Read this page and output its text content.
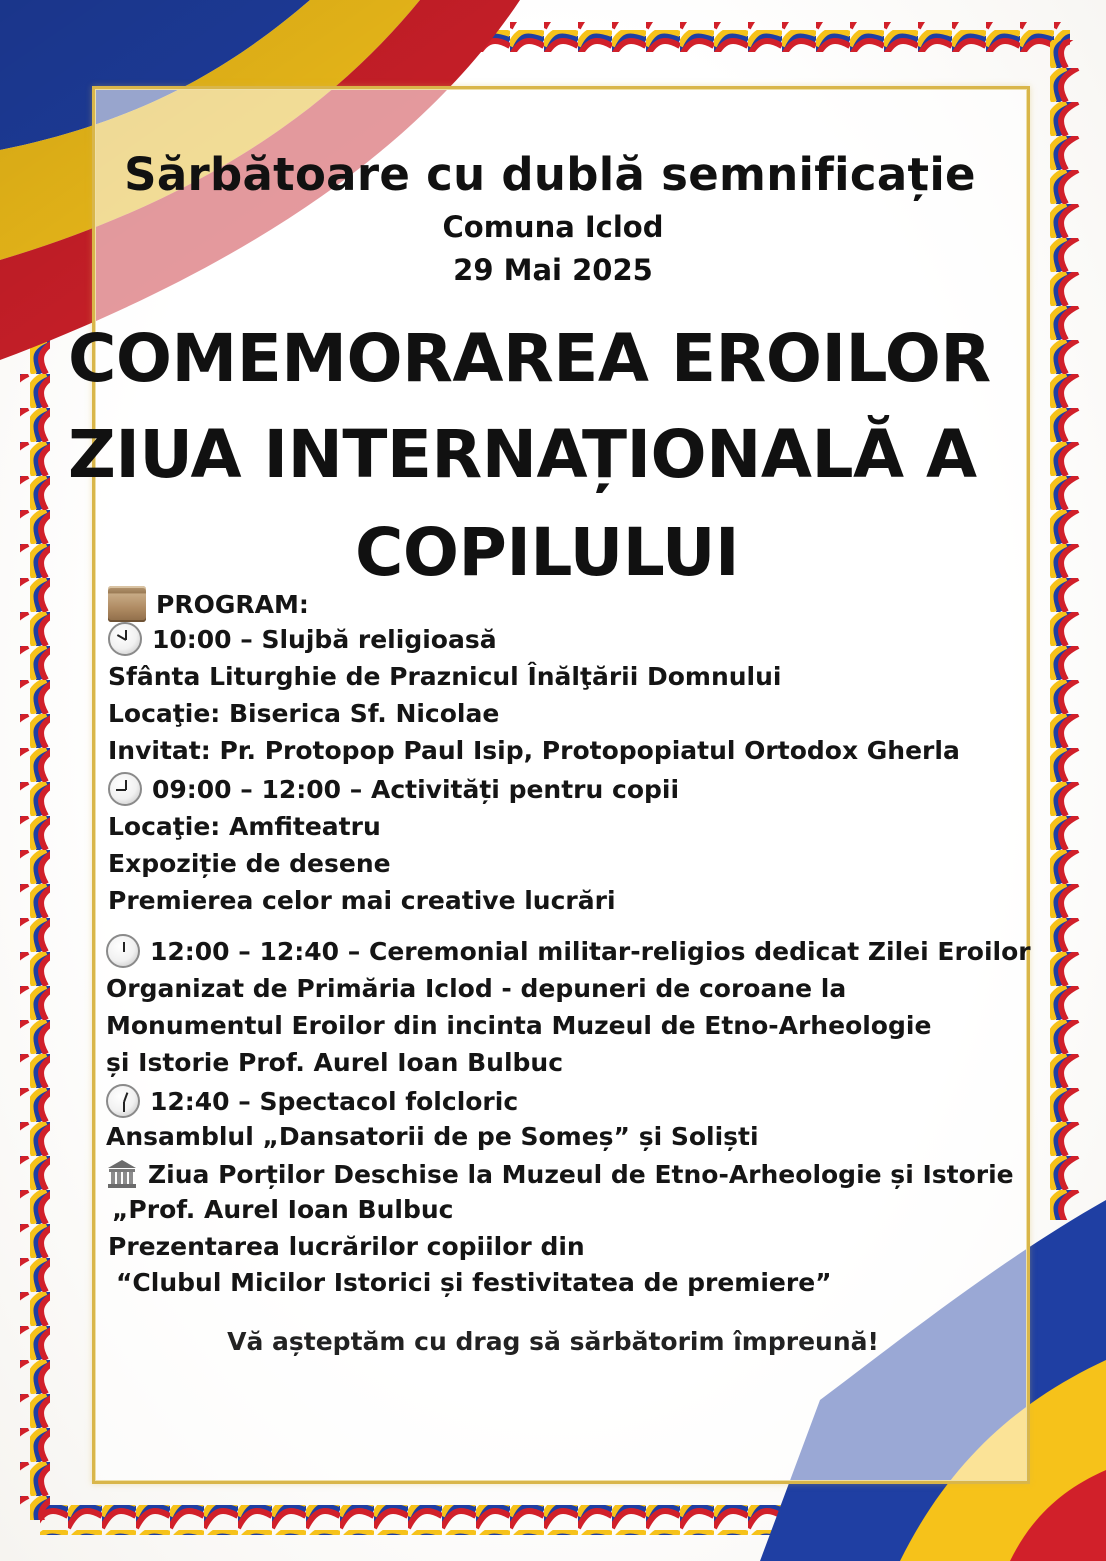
Sărbătoare cu dublă semnificație
Comuna Iclod
29 Mai 2025
COMEMORAREA EROILOR
ZIUA INTERNAȚIONALĂ A
COPILULUI
PROGRAM:
10:00 – Slujbă religioasă
Sfânta Liturghie de Praznicul Înălţării Domnului
Locaţie: Biserica Sf. Nicolae
Invitat: Pr. Protopop Paul Isip, Protopopiatul Ortodox Gherla
09:00 – 12:00 – Activități pentru copii
Locaţie: Amfiteatru
Expoziție de desene
Premierea celor mai creative lucrări
12:00 – 12:40 – Ceremonial militar-religios dedicat Zilei Eroilor
Organizat de Primăria Iclod - depuneri de coroane la
Monumentul Eroilor din incinta Muzeul de Etno-Arheologie
și Istorie Prof. Aurel Ioan Bulbuc
12:40 – Spectacol folcloric
Ansamblul „Dansatorii de pe Someș” și Soliști
Ziua Porților Deschise la Muzeul de Etno-Arheologie și Istorie
„Prof. Aurel Ioan Bulbuc
Prezentarea lucrărilor copiilor din
“Clubul Micilor Istorici și festivitatea de premiere”
Vă așteptăm cu drag să sărbătorim împreună!
